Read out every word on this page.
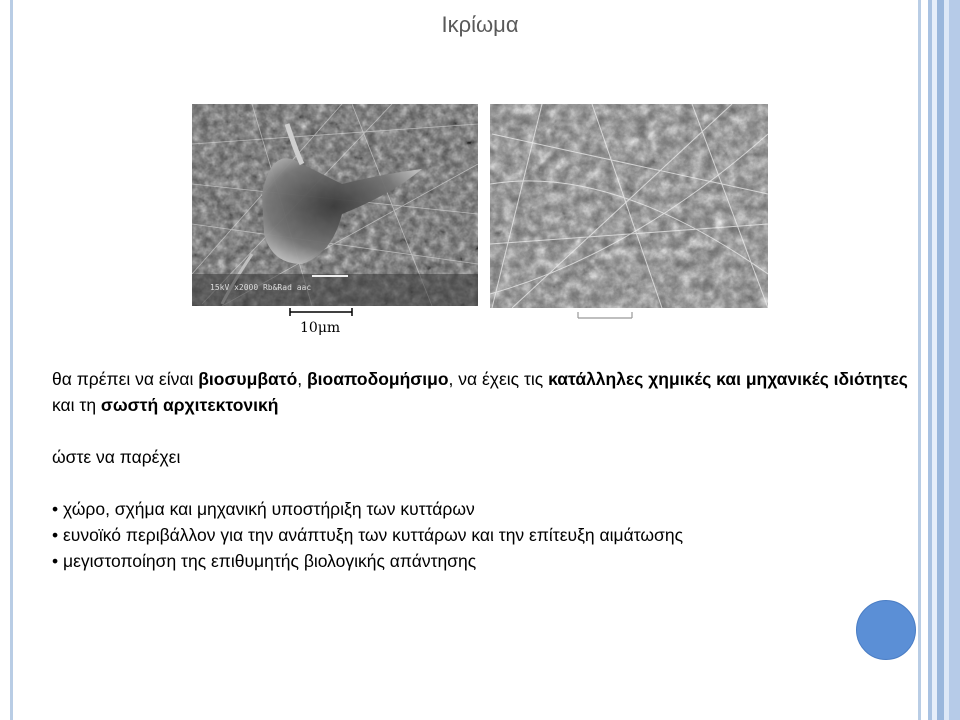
Ικρίωμα
15kV x2000 Rb&Rad aac
10μm

θα πρέπει να είναι βιοσυμβατό, βιοαποδομήσιμο, να έχεις τις κατάλληλες χημικές και μηχανικές ιδιότητες και τη σωστή αρχιτεκτονική

ώστε να παρέχει

• χώρο, σχήμα και μηχανική υποστήριξη των κυττάρων
• ευνοϊκό περιβάλλον για την ανάπτυξη των κυττάρων και την επίτευξη αιμάτωσης
• μεγιστοποίηση της επιθυμητής βιολογικής απάντησης
